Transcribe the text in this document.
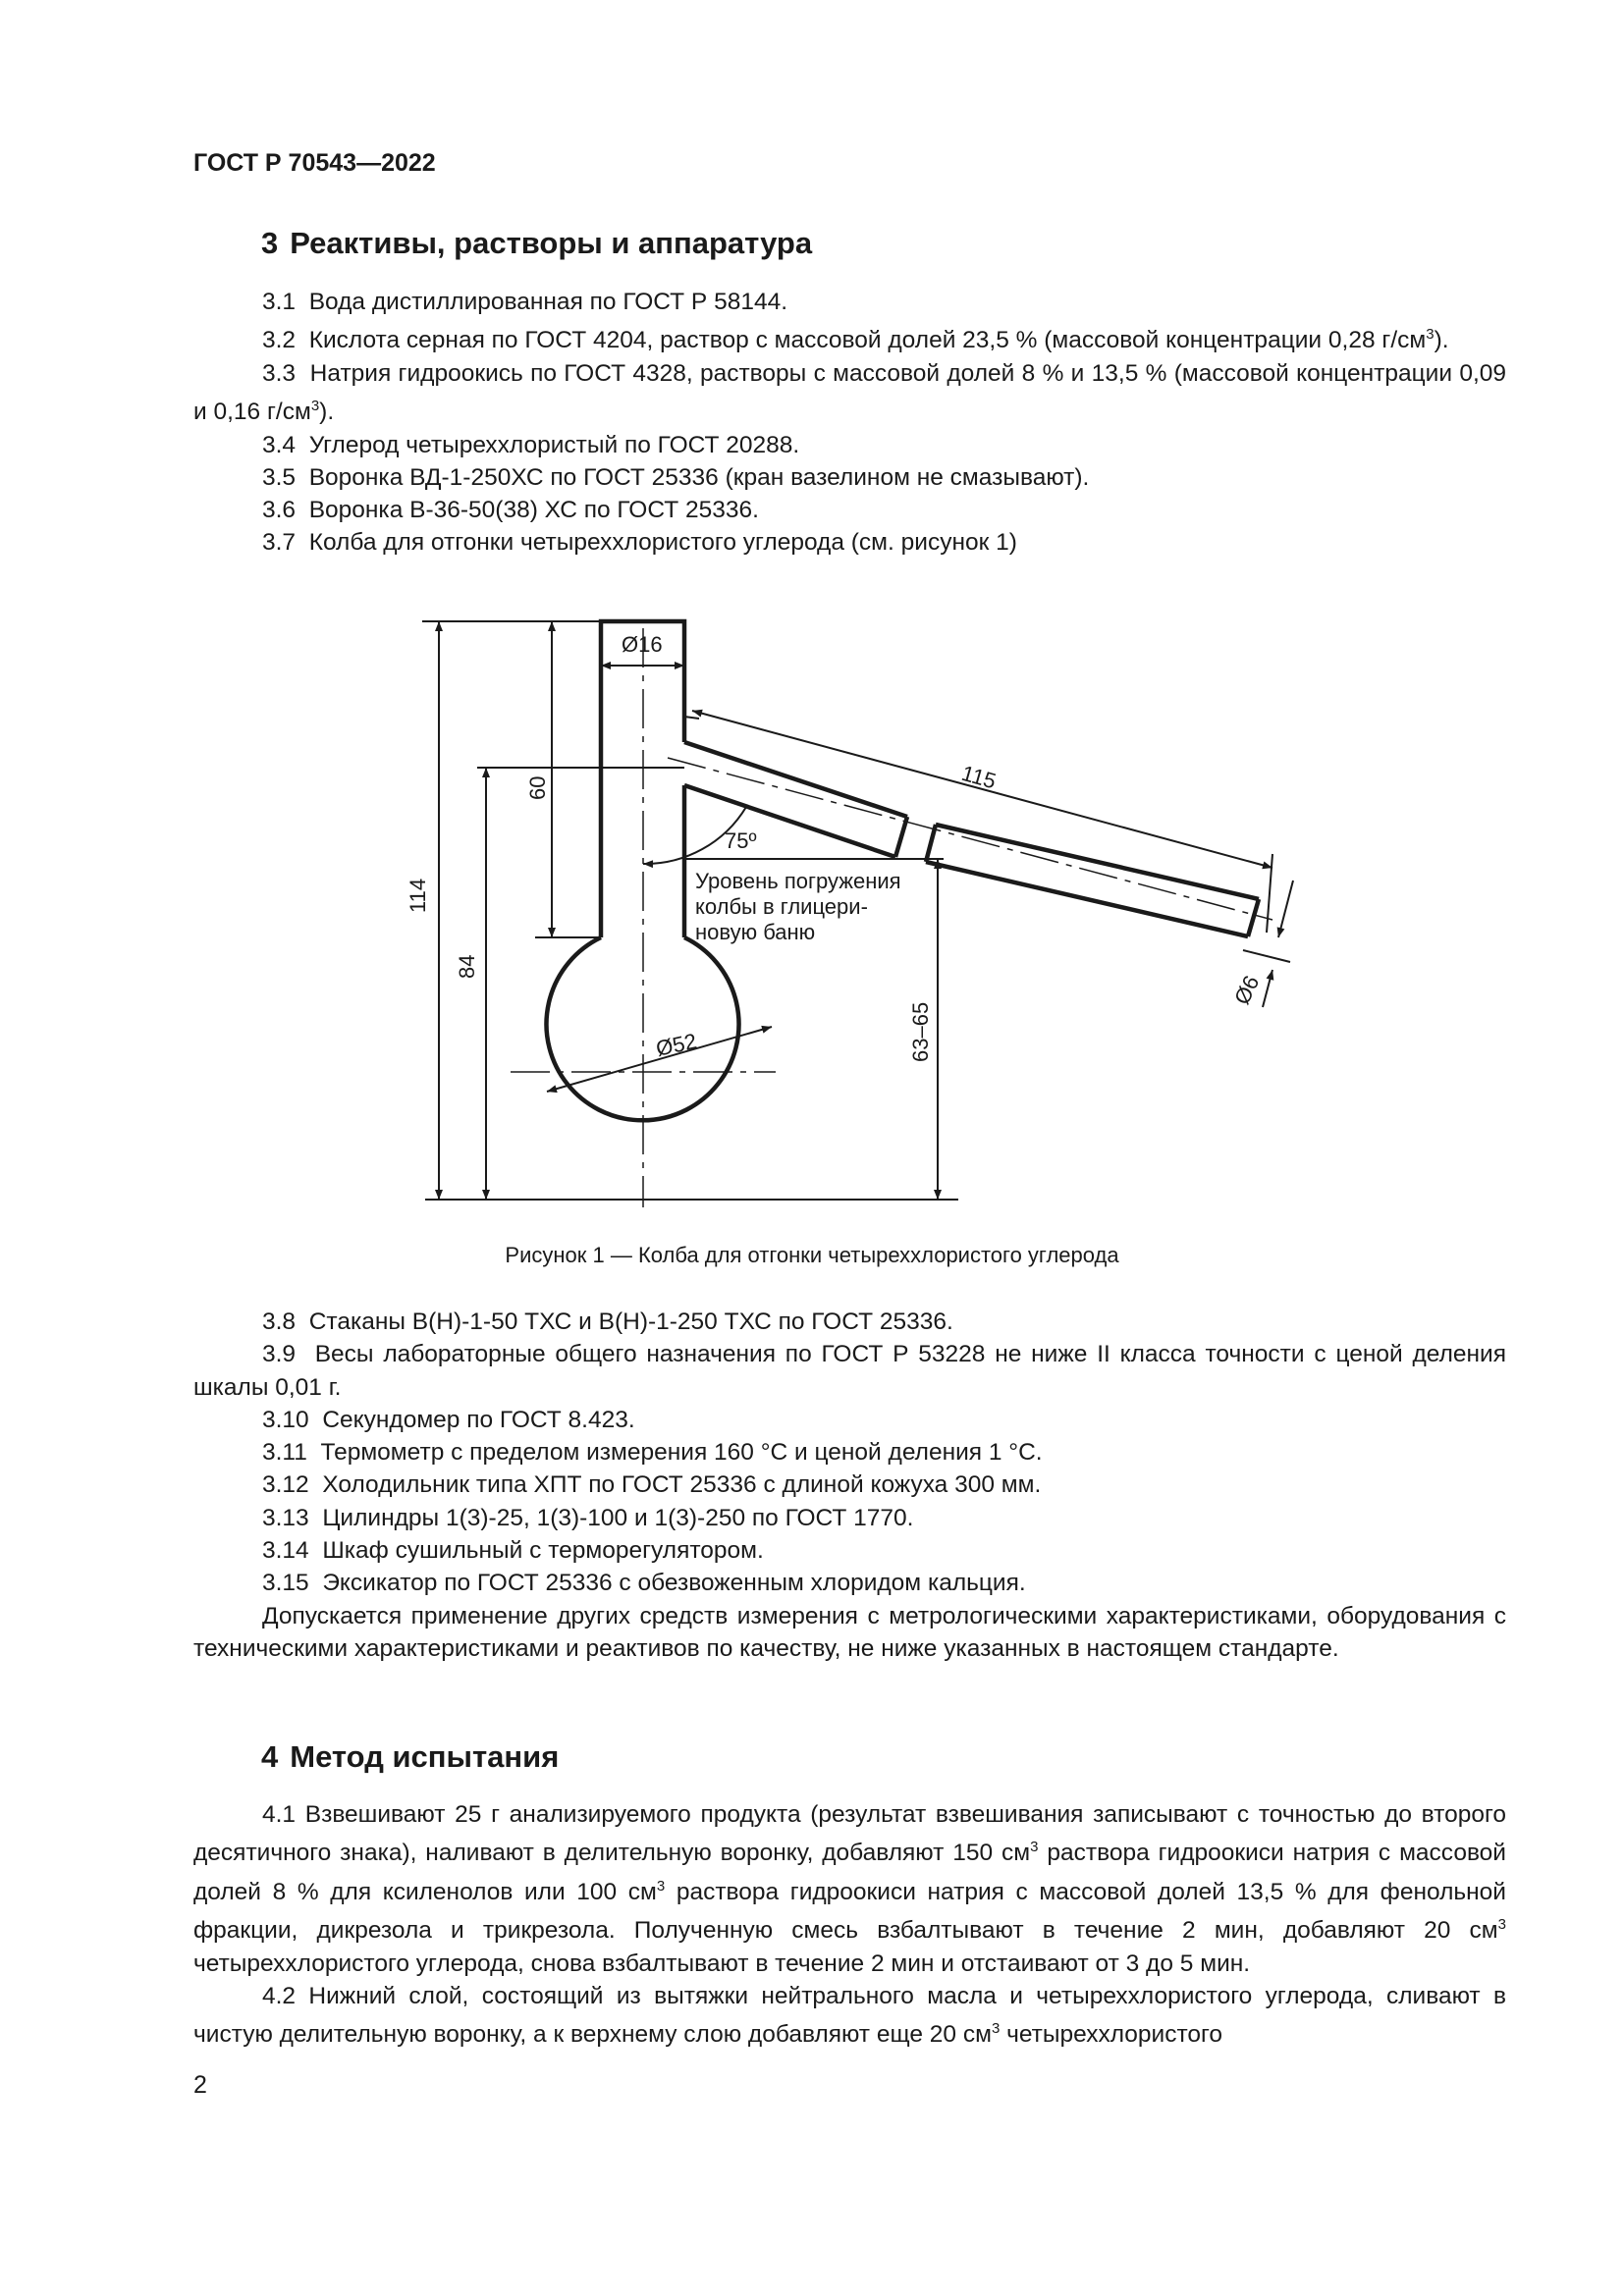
ГОСТ Р 70543—2022
3 Реактивы, растворы и аппаратура

3.1 Вода дистиллированная по ГОСТ Р 58144.

3.2 Кислота серная по ГОСТ 4204, раствор с массовой долей 23,5 % (массовой концентрации 0,28 $г/см^3$).

3.3 Натрия гидроокись по ГОСТ 4328, растворы с массовой долей 8 % и 13,5 % (массовой концентрации 0,09 и 0,16 $г/см^3$).

3.4 Углерод четыреххлористый по ГОСТ 20288.

3.5 Воронка ВД-1-250ХС по ГОСТ 25336 (кран вазелином не смазывают).

3.6 Воронка В-36-50(38) ХС по ГОСТ 25336.

3.7 Колба для отгонки четыреххлористого углерода (см. рисунок 1)

Ø16
Ø52
114
84
60	115
63–65
Ø6
75º
Уровень погружения
колбы в глицери-
новую баню
Рисунок 1 — Колба для отгонки четыреххлористого углерода

3.8 Стаканы В(Н)-1-50 ТХС и В(Н)-1-250 ТХС по ГОСТ 25336.

3.9 Весы лабораторные общего назначения по ГОСТ Р 53228 не ниже II класса точности с ценой деления шкалы 0,01 г.

3.10 Секундомер по ГОСТ 8.423.

3.11 Термометр с пределом измерения 160 °С и ценой деления 1 °С.

3.12 Холодильник типа ХПТ по ГОСТ 25336 с длиной кожуха 300 мм.

3.13 Цилиндры 1(3)-25, 1(3)-100 и 1(3)-250 по ГОСТ 1770.

3.14 Шкаф сушильный с терморегулятором.

3.15 Эксикатор по ГОСТ 25336 с обезвоженным хлоридом кальция.

Допускается применение других средств измерения с метрологическими характеристиками, оборудования с техническими характеристиками и реактивов по качеству, не ниже указанных в настоящем стандарте.

4 Метод испытания

4.1 Взвешивают 25 г анализируемого продукта (результат взвешивания записывают с точностью до второго десятичного знака), наливают в делительную воронку, добавляют 150 $см^3$ раствора гидроокиси натрия с массовой долей 8 % для ксиленолов или 100 $см^3$ раствора гидроокиси натрия с массовой долей 13,5 % для фенольной фракции, дикрезола и трикрезола. Полученную смесь взбалтывают в течение 2 мин, добавляют 20 $см^3$ четыреххлористого углерода, снова взбалтывают в течение 2 мин и отстаивают от 3 до 5 мин.

4.2 Нижний слой, состоящий из вытяжки нейтрального масла и четыреххлористого углерода, сливают в чистую делительную воронку, а к верхнему слою добавляют еще 20 $см^3$ четыреххлористого

2
